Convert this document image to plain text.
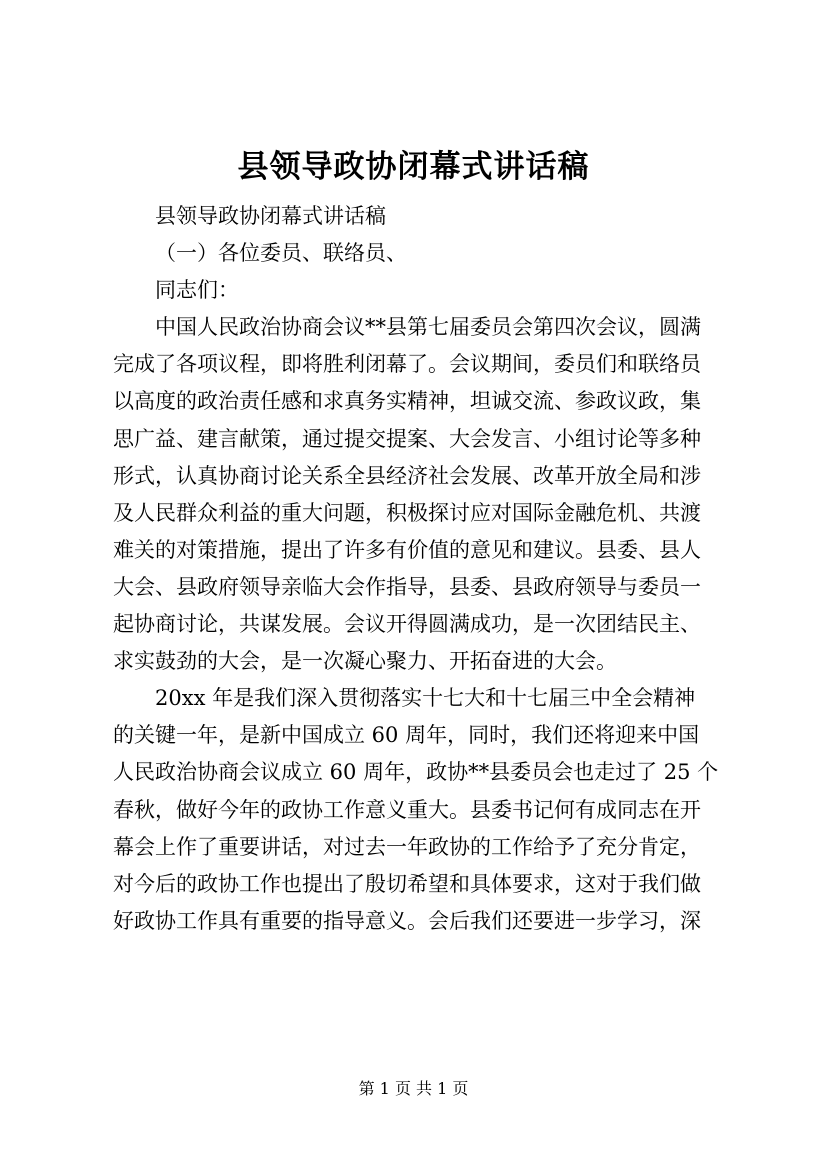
县领导政协闭幕式讲话稿
县领导政协闭幕式讲话稿
（一）各位委员、联络员、
同志们：
中国人民政治协商会议**县第七届委员会第四次会议，圆满
完成了各项议程，即将胜利闭幕了。会议期间，委员们和联络员
以高度的政治责任感和求真务实精神，坦诚交流、参政议政，集
思广益、建言献策，通过提交提案、大会发言、小组讨论等多种
形式，认真协商讨论关系全县经济社会发展、改革开放全局和涉
及人民群众利益的重大问题，积极探讨应对国际金融危机、共渡
难关的对策措施，提出了许多有价值的意见和建议。县委、县人
大会、县政府领导亲临大会作指导，县委、县政府领导与委员一
起协商讨论，共谋发展。会议开得圆满成功，是一次团结民主、
求实鼓劲的大会，是一次凝心聚力、开拓奋进的大会。
20xx 年是我们深入贯彻落实十七大和十七届三中全会精神
的关键一年，是新中国成立 60 周年，同时，我们还将迎来中国
人民政治协商会议成立 60 周年，政协**县委员会也走过了 25 个
春秋，做好今年的政协工作意义重大。县委书记何有成同志在开
幕会上作了重要讲话，对过去一年政协的工作给予了充分肯定，
对今后的政协工作也提出了殷切希望和具体要求，这对于我们做
好政协工作具有重要的指导意义。会后我们还要进一步学习，深
第 1 页 共 1 页
